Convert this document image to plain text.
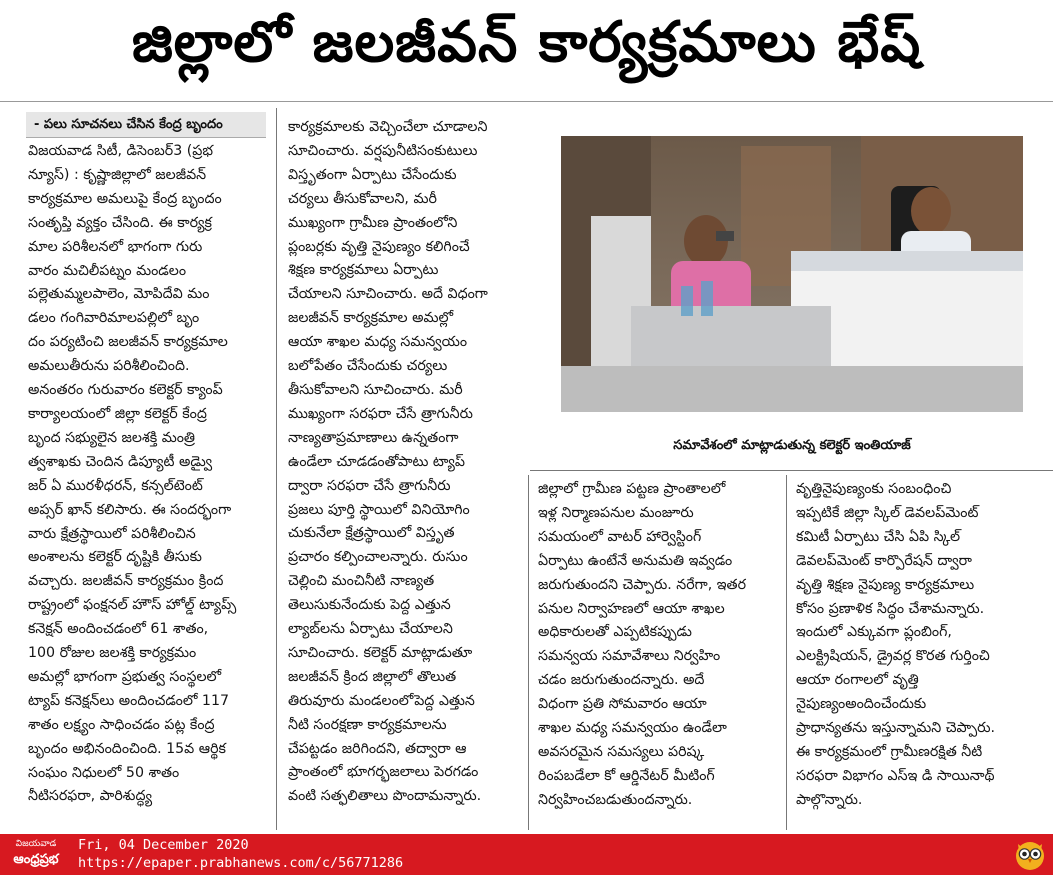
జిల్లాలో జలజీవన్‌ కార్యక్రమాలు భేష్‌
- పలు సూచనలు చేసిన కేంద్ర బృందం

విజయవాడ సిటీ, డిసెంబర్‌3 (ప్రభ

న్యూస్‌) : కృష్ణాజిల్లాలో జలజీవన్‌

కార్యక్రమాల అమలుపై కేంద్ర బృందం

సంతృప్తి వ్యక్తం చేసింది. ఈ కార్యక్ర

మాల పరిశీలనలో భాగంగా గురు

వారం మచిలీపట్నం మండలం

పల్లెతుమ్మలపాలెం, మోపిదేవి మం

డలం గంగివారిమాలపల్లిలో బృం

దం పర్యటించి జలజీవన్‌ కార్యక్రమాల

అమలుతీరును పరిశీలించింది.

అనంతరం గురువారం కలెక్టర్‌ క్యాంప్‌

కార్యాలయంలో జిల్లా కలెక్టర్‌ కేంద్ర

బృంద సభ్యులైన జలశక్తి మంత్రి

త్వశాఖకు చెందిన డిప్యూటీ అడ్వైు

జర్‌ ఏ మురళీధరన్‌, కన్సల్‌టెంట్‌

అప్సర్‌ ఖాన్‌ కలిసారు. ఈ సందర్భంగా

వారు క్షేత్రస్థాయిలో పరిశీలించిన

అంశాలను కలెక్టర్‌ దృష్టికి తీసుకు

వచ్చారు. జలజీవన్‌ కార్యక్రమం క్రింద

రాష్ట్రంలో ఫంక్షనల్‌ హౌస్‌ హోల్డ్‌ ట్యాప్స్‌

కనెక్షన్‌ అందించడంలో 61 శాతం,

100 రోజుల జలశక్తి కార్యక్రమం

అమల్లో భాగంగా ప్రభుత్వ సంస్థలలో

ట్యాప్‌ కనెక్షన్‌లు అందించడంలో 117

శాతం లక్ష్యం సాధించడం పట్ల కేంద్ర

బృందం అభినందించింది. 15వ ఆర్థిక

సంఘం నిధులలో 50 శాతం

నీటిసరఫరా, పారిశుద్ధ్య

కార్యక్రమాలకు వెచ్చించేలా చూడాలని

సూచించారు. వర్షపునీటిసంకుటులు

విస్తృతంగా ఏర్పాటు చేసేందుకు

చర్యలు తీసుకోవాలని, మరీ

ముఖ్యంగా గ్రామీణ ప్రాంతంలోని

ప్లంబర్లకు వృత్తి నైపుణ్యం కలిగించే

శిక్షణ కార్యక్రమాలు ఏర్పాటు

చేయాలని సూచించారు. అదే విధంగా

జలజీవన్‌ కార్యక్రమాల అమల్లో

ఆయా శాఖల మధ్య సమన్వయం

బలోపేతం చేసేందుకు చర్యలు

తీసుకోవాలని సూచించారు. మరీ

ముఖ్యంగా సరఫరా చేసే త్రాగునీరు

నాణ్యతాప్రమాణాలు ఉన్నతంగా

ఉండేలా చూడడంతోపాటు ట్యాప్‌

ద్వారా సరఫరా చేసే త్రాగునీరు

ప్రజలు పూర్తి స్థాయిలో వినియోగిం

చుకునేలా క్షేత్రస్థాయిలో విస్తృత

ప్రచారం కల్పించాలన్నారు. రుసుం

చెల్లించి మంచినీటి నాణ్యత

తెలుసుకునేందుకు పెద్ద ఎత్తున

ల్యాబ్‌లను ఏర్పాటు చేయాలని

సూచించారు. కలెక్టర్‌ మాట్లాడుతూ

జలజీవన్‌ క్రింద జిల్లాలో తొలుత

తిరువూరు మండలంలోపెద్ద ఎత్తున

నీటి సంరక్షణా కార్యక్రమాలను

చేపట్టడం జరిగిందని, తద్వారా ఆ

ప్రాంతంలో భూగర్భజలాలు పెరగడం

వంటి సత్ఫలితాలు పొందామన్నారు.

సమావేశంలో మాట్లాడుతున్న కలెక్టర్‌ ఇంతియాజ్‌

జిల్లాలో గ్రామీణ పట్టణ ప్రాంతాలలో

ఇళ్ల నిర్మాణపనుల మంజూరు

సమయంలో వాటర్‌ హార్వెస్టింగ్‌

ఏర్పాటు ఉంటేనే అనుమతి ఇవ్వడం

జరుగుతుందని చెప్పారు. నరేగా, ఇతర

పనుల నిర్వాహణలో ఆయా శాఖల

అధికారులతో ఎప్పటికప్పుడు

సమన్వయ సమావేశాలు నిర్వహిం

చడం జరుగుతుందన్నారు. అదే

విధంగా ప్రతి సోమవారం ఆయా

శాఖల మధ్య సమన్వయం ఉండేలా

అవసరమైన సమస్యలు పరిష్క

రింపబడేలా కో ఆర్డినేటర్‌ మీటింగ్‌

నిర్వహించబడుతుందన్నారు.

వృత్తినైపుణ్యంకు సంబంధించి

ఇప్పటికే జిల్లా స్కిల్‌ డెవలప్‌మెంట్‌

కమిటీ ఏర్పాటు చేసి ఏపి స్కిల్‌

డెవలప్‌మెంట్‌ కార్పొరేషన్‌ ద్వారా

వృత్తి శిక్షణ నైపుణ్య కార్యక్రమాలు

కోసం ప్రణాళిక సిద్ధం చేశామన్నారు.

ఇందులో ఎక్కువగా ప్లంబింగ్‌,

ఎలక్ట్రిషియన్‌, డ్రైవర్ల కొరత గుర్తించి

ఆయా రంగాలలో వృత్తి

నైపుణ్యంఅందించేందుకు

ప్రాధాన్యతను ఇస్తున్నామని చెప్పారు.

ఈ కార్యక్రమంలో గ్రామీణరక్షిత నీటి

సరఫరా విభాగం ఎస్‌ఇ డి సాయినాథ్‌

పాల్గొన్నారు.

విజయవాడ
ఆంధ్రప్రభ
Fri, 04 December 2020
https://epaper.prabhanews.com/c/56771286
